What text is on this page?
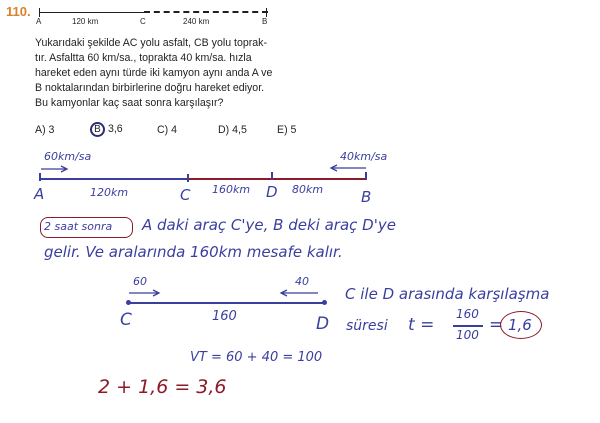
110.
A	120 km	C	240 km	B
Yukarıdaki şekilde AC yolu asfalt, CB yolu toprak-
tır. Asfaltta 60 km/sa., toprakta 40 km/sa. hızla
hareket eden aynı türde iki kamyon aynı anda A ve
B noktalarından birbirlerine doğru hareket ediyor.
Bu kamyonlar kaç saat sonra karşılaşır?
A) 3	B 3,6	C) 4	D) 4,5	E) 5
60km/sa	40km/sa
A	120km	C 160km D 80km	B
2 saat sonra A daki araç C'ye, B deki araç D'ye
gelir. Ve aralarında 160km mesafe kalır.
60	40
C	160	D
C ile D arasında karşılaşma
süresi t =
160
100 = 1,6
VT = 60 + 40 = 100
2 + 1,6 = 3,6
